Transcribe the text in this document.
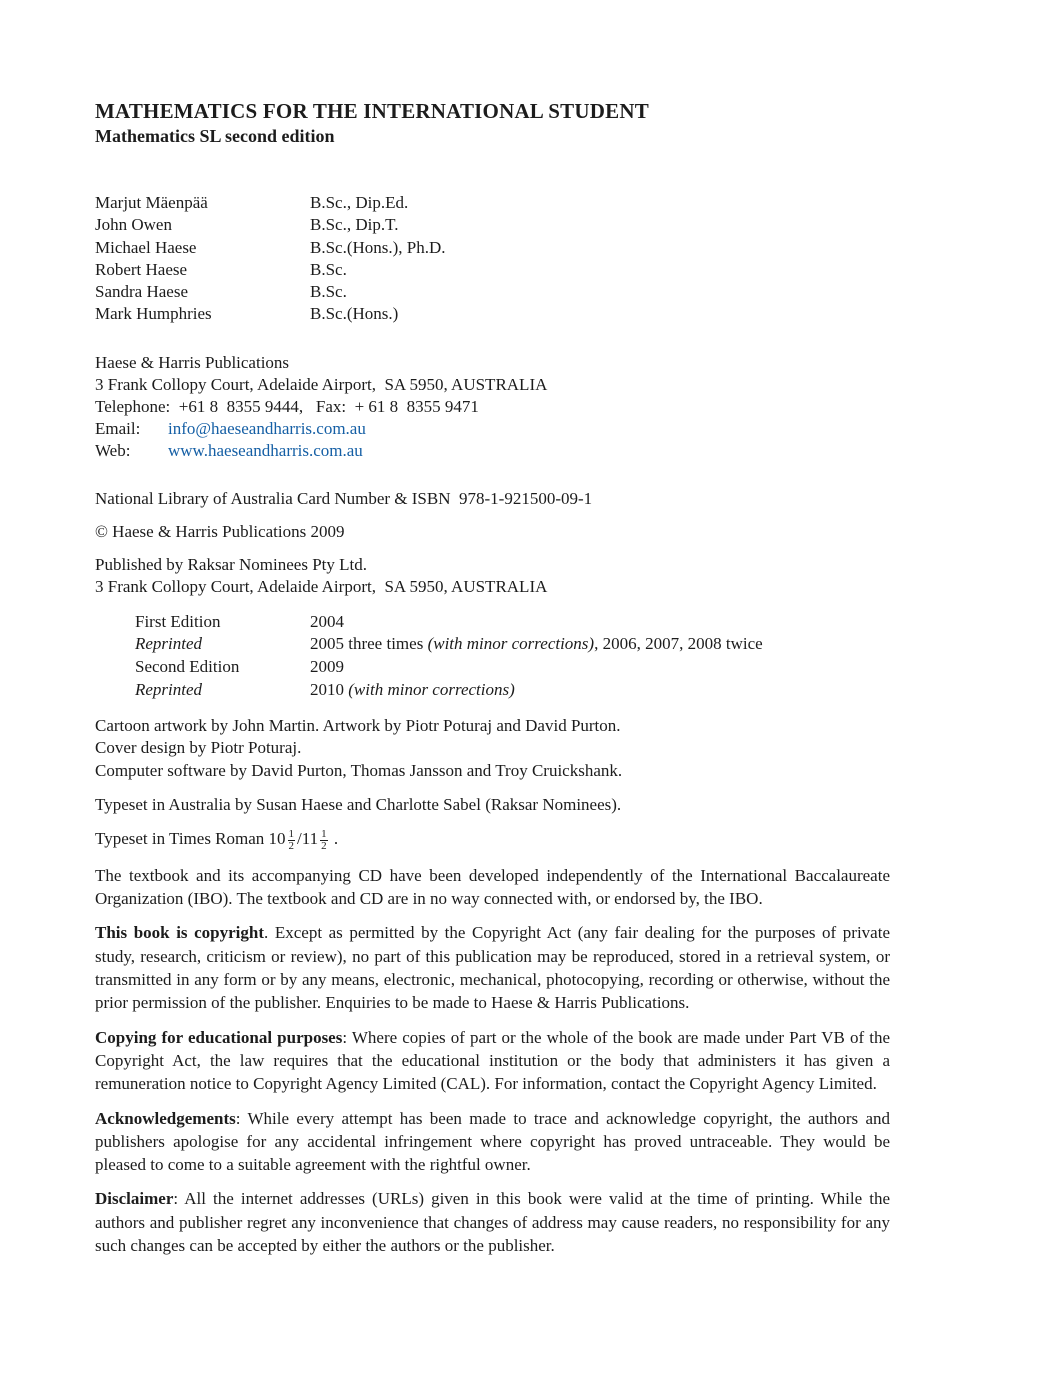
MATHEMATICS FOR THE INTERNATIONAL STUDENT
Mathematics SL second edition
Marjut Mäenpää	B.Sc., Dip.Ed.
John Owen	B.Sc., Dip.T.
Michael Haese	B.Sc.(Hons.), Ph.D.
Robert Haese	B.Sc.
Sandra Haese	B.Sc.
Mark Humphries	B.Sc.(Hons.)
Haese & Harris Publications
3 Frank Collopy Court, Adelaide Airport,  SA 5950, AUSTRALIA
Telephone:  +61 8  8355 9444,   Fax:  + 61 8  8355 9471
Email:	info@haeseandharris.com.au
Web:	www.haeseandharris.com.au
National Library of Australia Card Number & ISBN  978-1-921500-09-1
© Haese & Harris Publications 2009
Published by Raksar Nominees Pty Ltd.
3 Frank Collopy Court, Adelaide Airport,  SA 5950, AUSTRALIA
First Edition	2004
Reprinted	2005 three times (with minor corrections), 2006, 2007, 2008 twice
Second Edition	2009
Reprinted	2010 (with minor corrections)
Cartoon artwork by John Martin. Artwork by Piotr Poturaj and David Purton.
Cover design by Piotr Poturaj.
Computer software by David Purton, Thomas Jansson and Troy Cruickshank.
Typeset in Australia by Susan Haese and Charlotte Sabel (Raksar Nominees).
Typeset in Times Roman $10 \frac{1}{2} /11 \frac{1}{2}$ .
The textbook and its accompanying CD have been developed independently of the International Baccalaureate Organization (IBO). The textbook and CD are in no way connected with, or endorsed by, the IBO.
This book is copyright. Except as permitted by the Copyright Act (any fair dealing for the purposes of private study, research, criticism or review), no part of this publication may be reproduced, stored in a retrieval system, or transmitted in any form or by any means, electronic, mechanical, photocopying, recording or otherwise, without the prior permission of the publisher. Enquiries to be made to Haese & Harris Publications.
Copying for educational purposes: Where copies of part or the whole of the book are made under Part VB of the Copyright Act, the law requires that the educational institution or the body that administers it has given a remuneration notice to Copyright Agency Limited (CAL). For information, contact the Copyright Agency Limited.
Acknowledgements: While every attempt has been made to trace and acknowledge copyright, the authors and publishers apologise for any accidental infringement where copyright has proved untraceable. They would be pleased to come to a suitable agreement with the rightful owner.
Disclaimer: All the internet addresses (URLs) given in this book were valid at the time of printing. While the authors and publisher regret any inconvenience that changes of address may cause readers, no responsibility for any such changes can be accepted by either the authors or the publisher.
